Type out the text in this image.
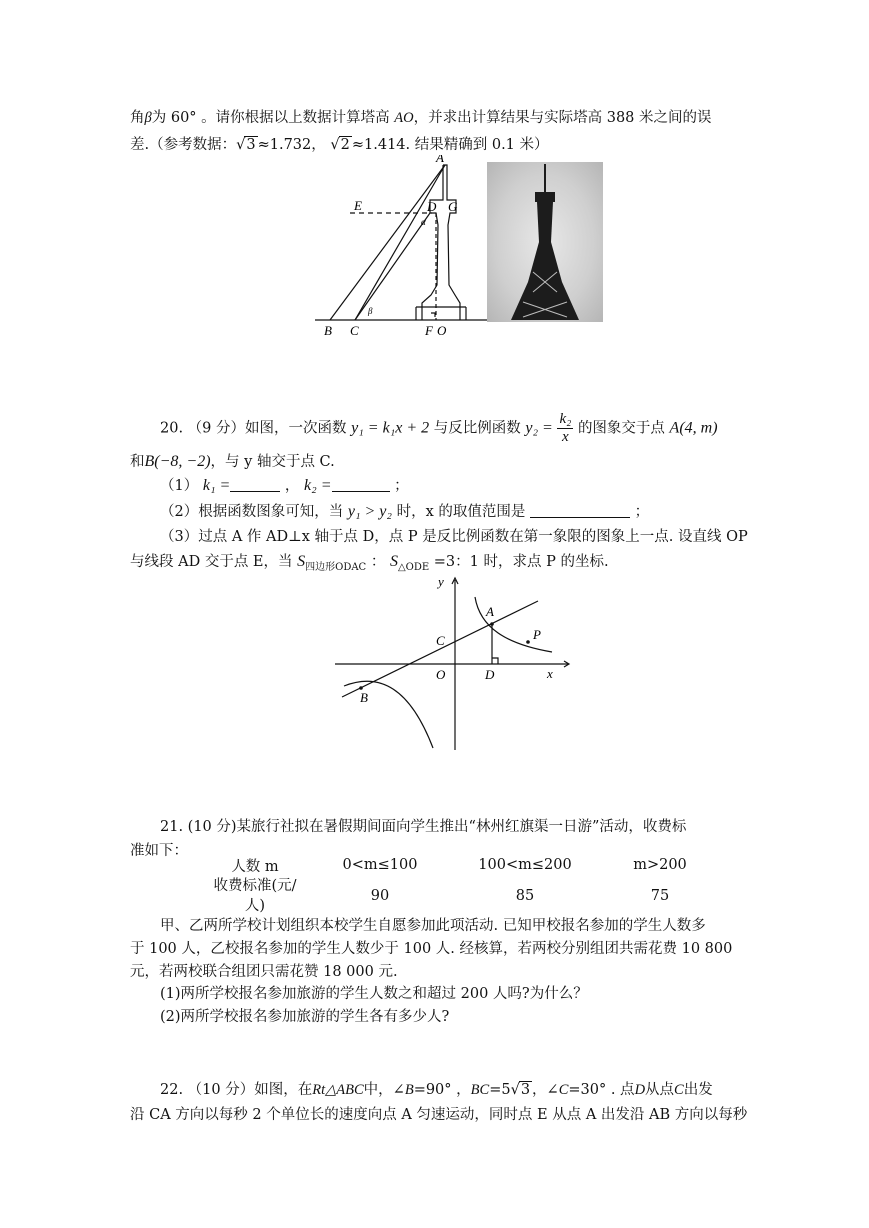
角β为 60° 。请你根据以上数据计算塔高 AO，并求出计算结果与实际塔高 388 米之间的误
差.（参考数据：√3 ≈1.732， √2 ≈1.414. 结果精确到 0.1 米）
A
E	D G
α
β
B C	F O
20. （9 分）如图，一次函数 y₁ = k₁x + 2 与反比例函数 $y_2 = \frac{\text{k₂}}{x}$ 的图象交于点 A(4, m)
和B(−8, −2)，与 y 轴交于点 C.
（1） k₁ =	， k₂ =	；
（2）根据函数图象可知，当 y₁ > y₂ 时，x 的取值范围是	；
（3）过点 A 作 AD⊥x 轴于点 D，点 P 是反比例函数在第一象限的图象上一点. 设直线 OP
与线段 AD 交于点 E，当 $S_{四边形ODAC}$ ： $S_{\triangle ODE} =3$：1 时，求点 P 的坐标.
y
x
A
P
C
O	D
B
21. (10 分)某旅行社拟在暑假期间面向学生推出“林州红旗渠一日游”活动，收费标
准如下：
人数 m	0<m≤100	100<m≤200	m>200

收费标准(元/
人)	90	85	75
甲、乙两所学校计划组织本校学生自愿参加此项活动. 已知甲校报名参加的学生人数多
于 100 人，乙校报名参加的学生人数少于 100 人. 经核算，若两校分别组团共需花费 10 800
元，若两校联合组团只需花赞 18 000 元.
(1)两所学校报名参加旅游的学生人数之和超过 200 人吗?为什么？
(2)两所学校报名参加旅游的学生各有多少人?
22. （10 分）如图，在Rt△ABC中，∠B=90° ，BC=5√3 ，∠C=30° . 点D从点C出发
沿 CA 方向以每秒 2 个单位长的速度向点 A 匀速运动，同时点 E 从点 A 出发沿 AB 方向以每秒
